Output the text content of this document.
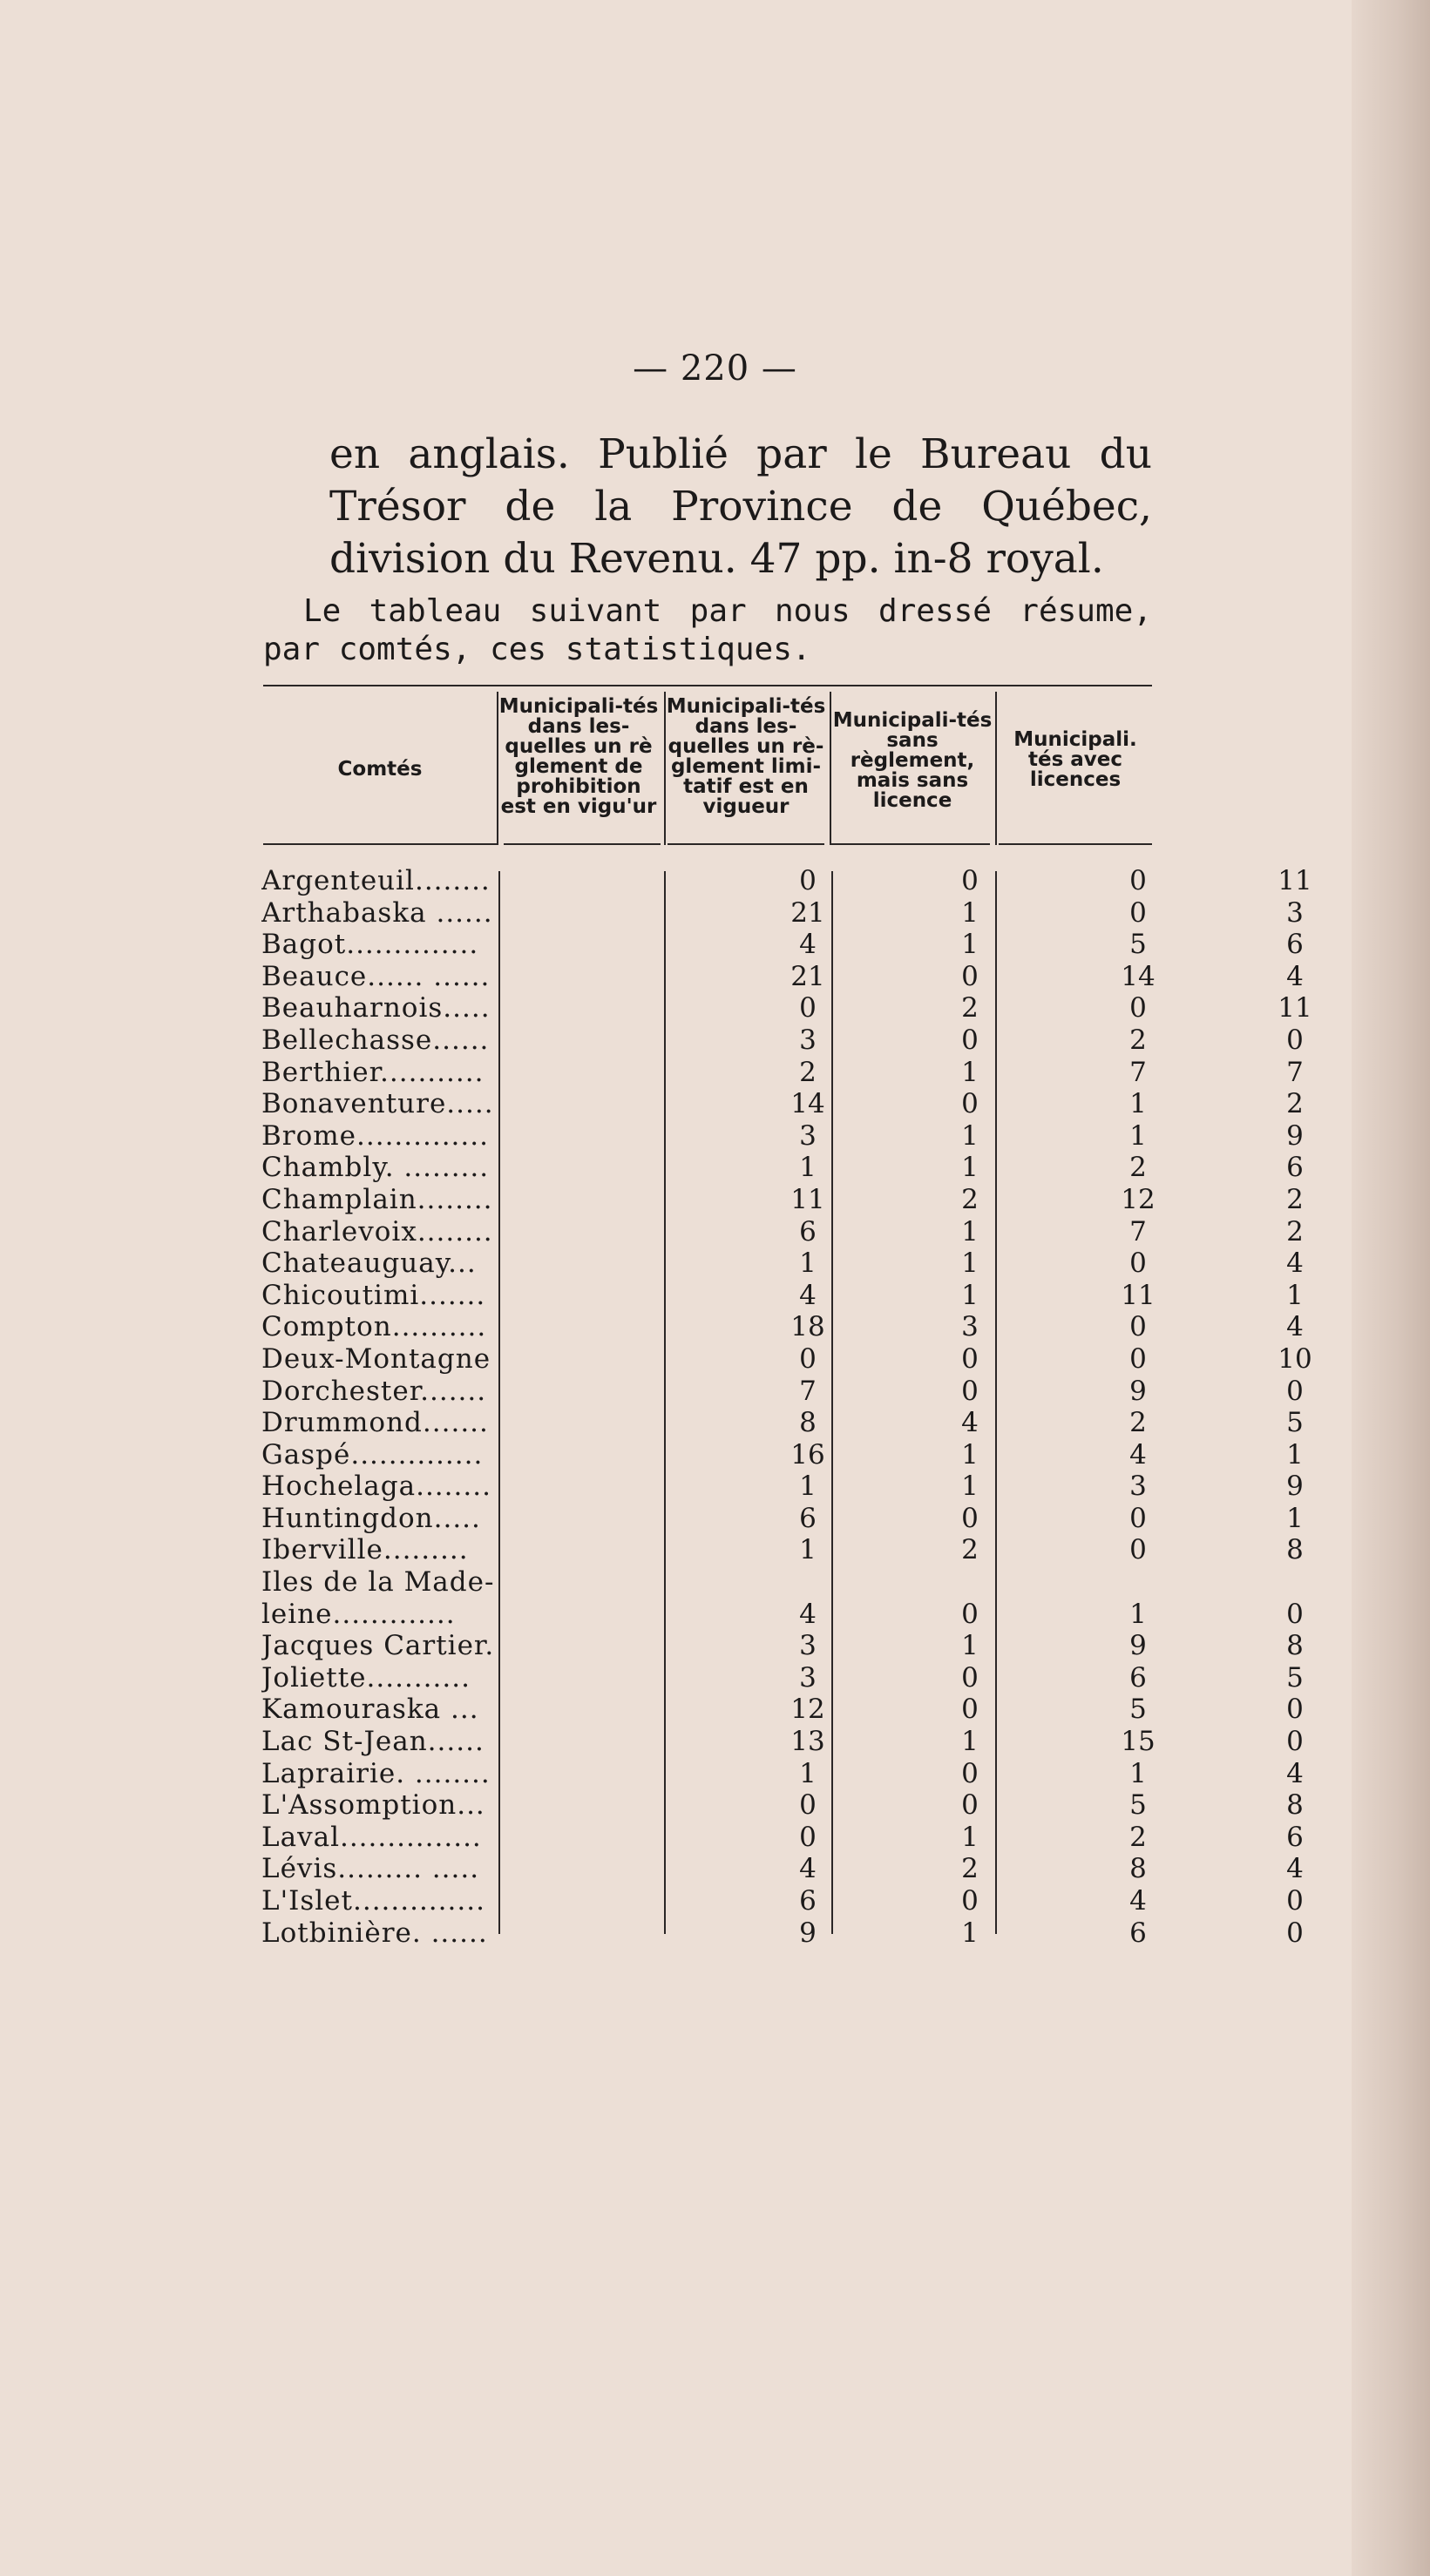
— 220 —

en anglais. Publié par le Bureau du Trésor de la Province de Québec, division du Revenu. 47 pp. in-8 royal.

Le tableau suivant par nous dressé résume, par comtés, ces statistiques.

Comtés
Municipali-tés dans les-quelles un rè glement de prohibition est en vigu'ur
Municipali-tés dans les-quelles un rè-glement limi-tatif est en vigueur
Municipali-tés sans règlement, mais sans licence
Municipali. tés avec licences
Argenteuil........	0	0	0	11
Arthabaska ......	21	1	0	3
Bagot..............	4	1	5	6
Beauce...... ......	21	0	14	4
Beauharnois.....	0	2	0	11
Bellechasse......	3	0	2	0
Berthier...........	2	1	7	7
Bonaventure.....	14	0	1	2
Brome..............	3	1	1	9
Chambly. .........	1	1	2	6
Champlain........	11	2	12	2
Charlevoix........	6	1	7	2
Chateauguay...	1	1	0	4
Chicoutimi.......	4	1	11	1
Compton..........	18	3	0	4
Deux-Montagne	0	0	0	10
Dorchester.......	7	0	9	0
Drummond.......	8	4	2	5
Gaspé..............	16	1	4	1
Hochelaga........	1	1	3	9
Huntingdon.....	6	0	0	1
Iberville.........	1	2	0	8
Iles de la Made-leine.............	4	0	1	0
Jacques Cartier.	3	1	9	8
Joliette...........	3	0	6	5
Kamouraska ...	12	0	5	0
Lac St-Jean......	13	1	15	0
Laprairie. ........	1	0	1	4
L'Assomption...	0	0	5	8
Laval...............	0	1	2	6
Lévis......... .....	4	2	8	4
L'Islet..............	6	0	4	0
Lotbinière. ......	9	1	6	0
